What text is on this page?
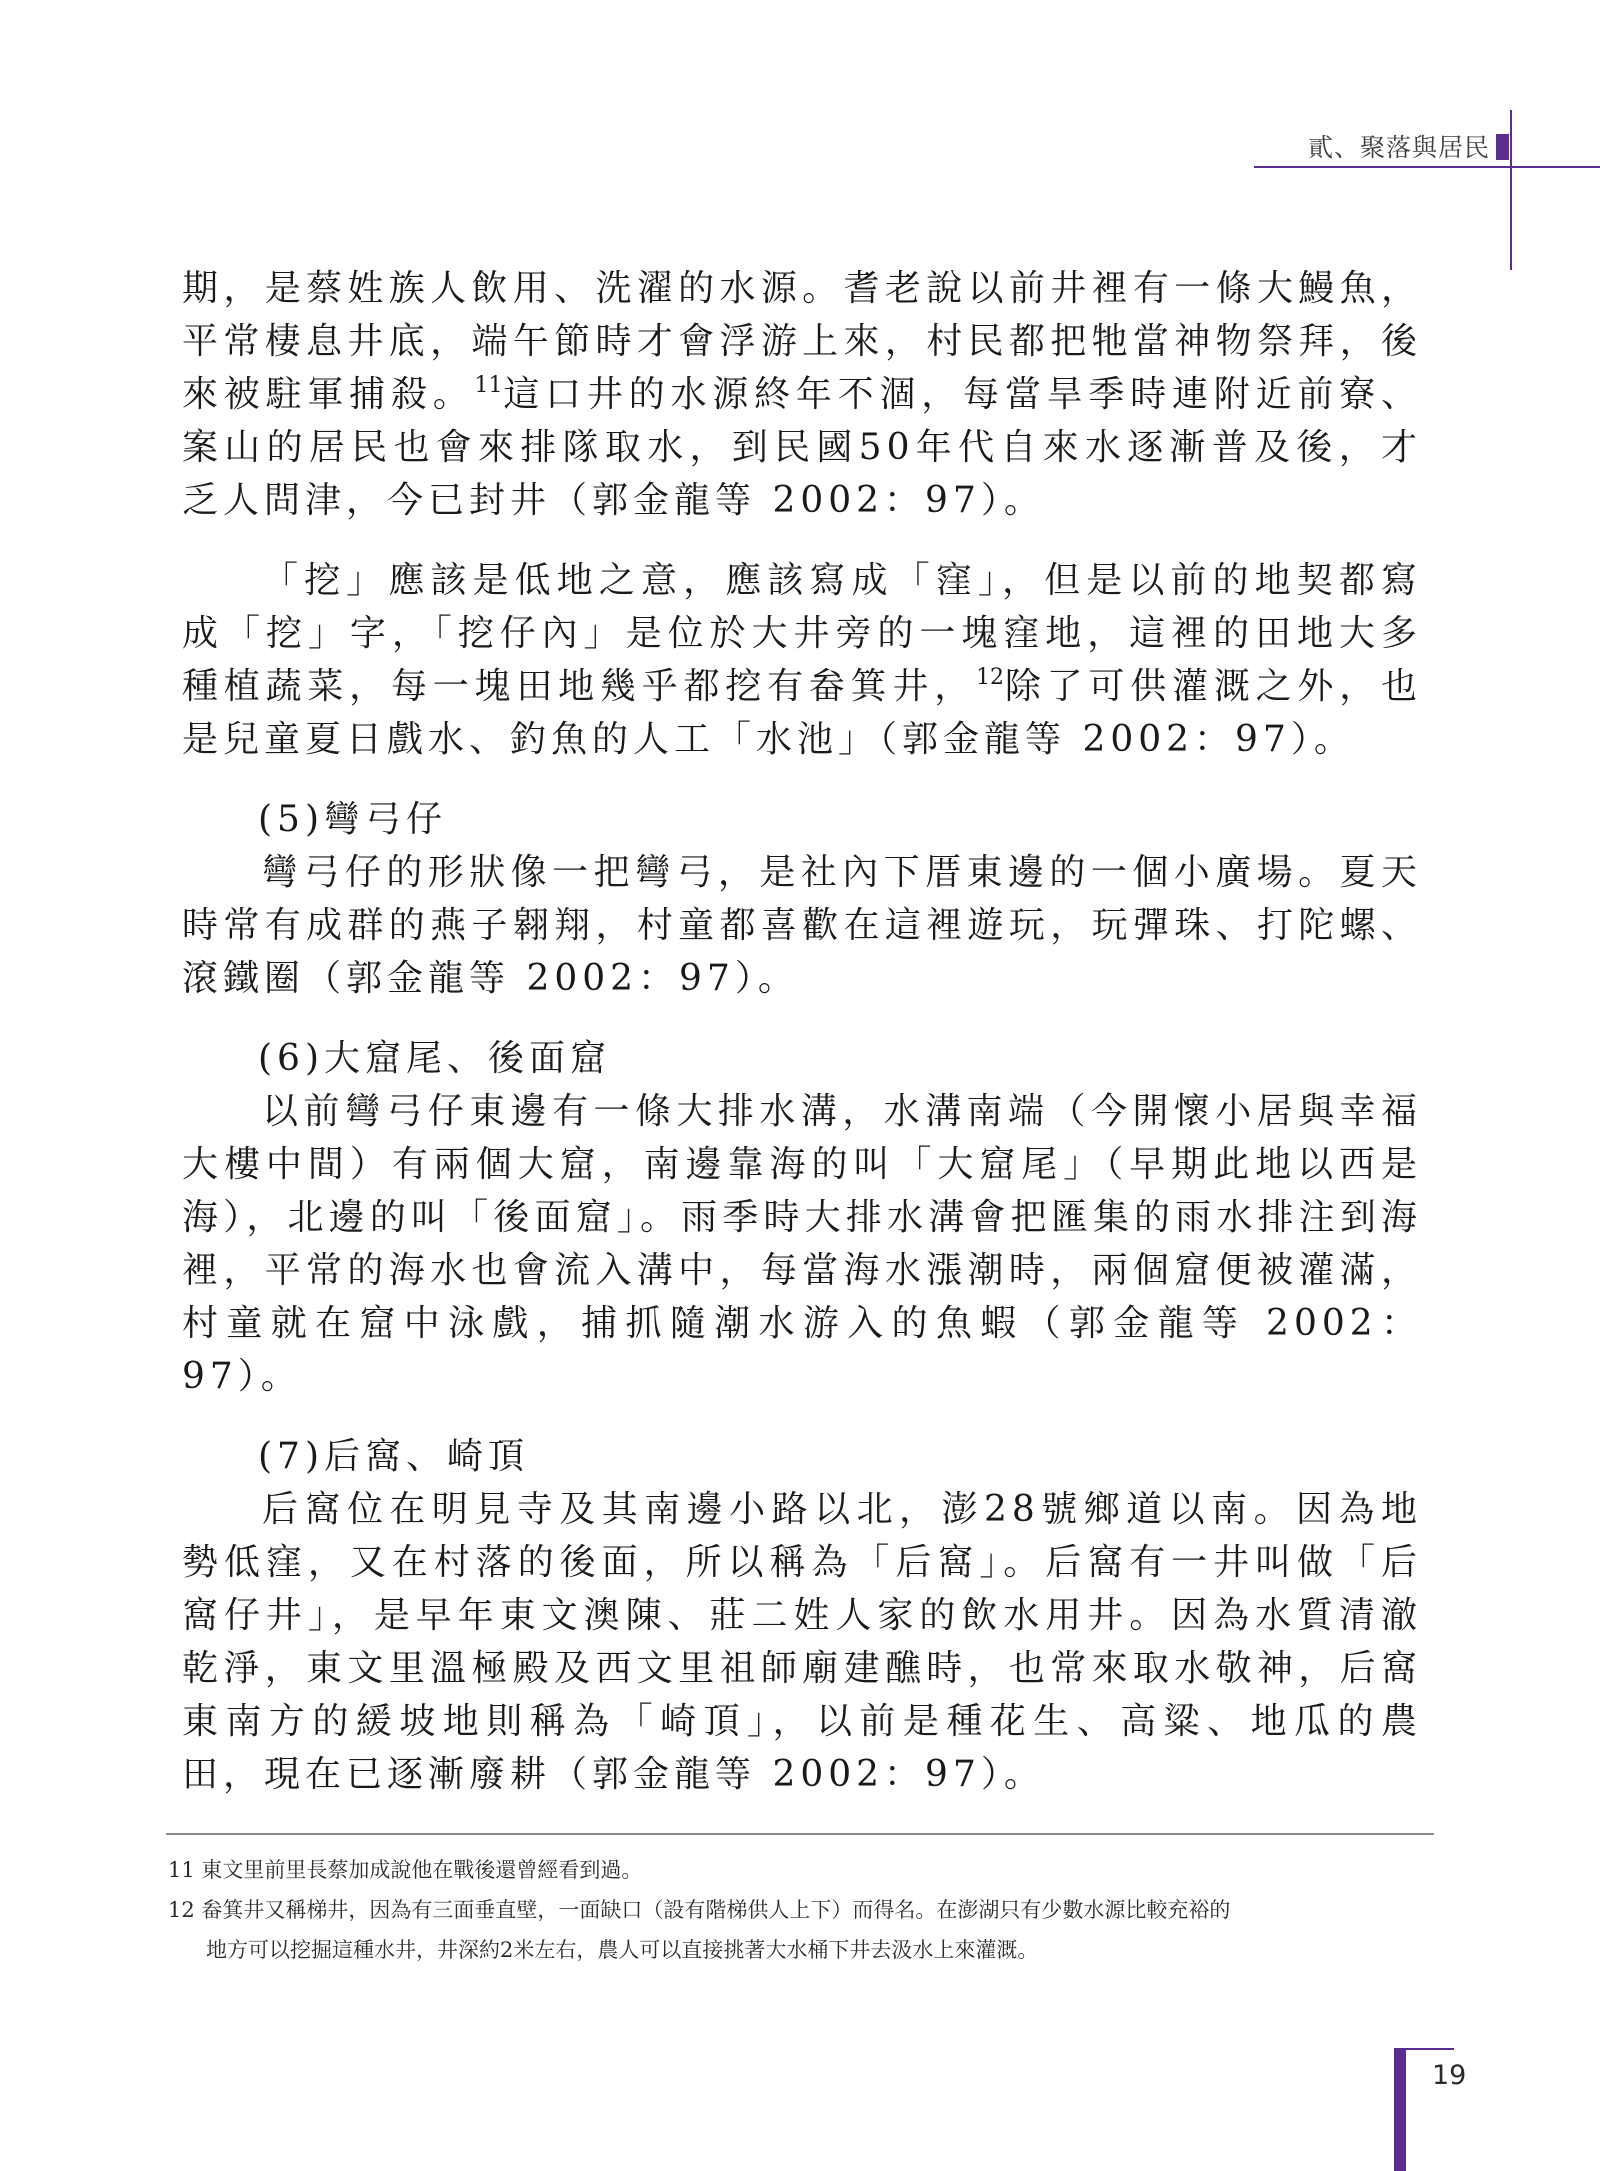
貳、聚落與居民

期，是蔡姓族人飲用、洗濯的水源。耆老說以前井裡有一條大鰻魚，平常棲息井底，端午節時才會浮游上來，村民都把牠當神物祭拜，後來被駐軍捕殺。$^{11}$這口井的水源終年不涸，每當旱季時連附近前寮、案山的居民也會來排隊取水，到民國50年代自來水逐漸普及後，才乏人問津，今已封井（郭金龍等 2002：97）。

「挖」應該是低地之意，應該寫成「窪」，但是以前的地契都寫成「挖」字，「挖仔內」是位於大井旁的一塊窪地，這裡的田地大多種植蔬菜，每一塊田地幾乎都挖有畚箕井，$^{12}$除了可供灌溉之外，也是兒童夏日戲水、釣魚的人工「水池」（郭金龍等 2002：97）。

(5)彎弓仔

彎弓仔的形狀像一把彎弓，是社內下厝東邊的一個小廣場。夏天時常有成群的燕子翱翔，村童都喜歡在這裡遊玩，玩彈珠、打陀螺、滾鐵圈（郭金龍等 2002：97）。

(6)大窟尾、後面窟

以前彎弓仔東邊有一條大排水溝，水溝南端（今開懷小居與幸福大樓中間）有兩個大窟，南邊靠海的叫「大窟尾」（早期此地以西是海），北邊的叫「後面窟」。雨季時大排水溝會把匯集的雨水排注到海裡，平常的海水也會流入溝中，每當海水漲潮時，兩個窟便被灌滿，村童就在窟中泳戲，捕抓隨潮水游入的魚蝦（郭金龍等 2002：97）。

(7)后窩、崎頂

后窩位在明見寺及其南邊小路以北，澎28號鄉道以南。因為地勢低窪，又在村落的後面，所以稱為「后窩」。后窩有一井叫做「后窩仔井」，是早年東文澳陳、莊二姓人家的飲水用井。因為水質清澈乾淨，東文里溫極殿及西文里祖師廟建醮時，也常來取水敬神，后窩東南方的緩坡地則稱為「崎頂」，以前是種花生、高粱、地瓜的農田，現在已逐漸廢耕（郭金龍等 2002：97）。

11 東文里前里長蔡加成說他在戰後還曾經看到過。

12 畚箕井又稱梯井，因為有三面垂直壁，一面缺口（設有階梯供人上下）而得名。在澎湖只有少數水源比較充裕的

地方可以挖掘這種水井，井深約2米左右，農人可以直接挑著大水桶下井去汲水上來灌溉。

19
